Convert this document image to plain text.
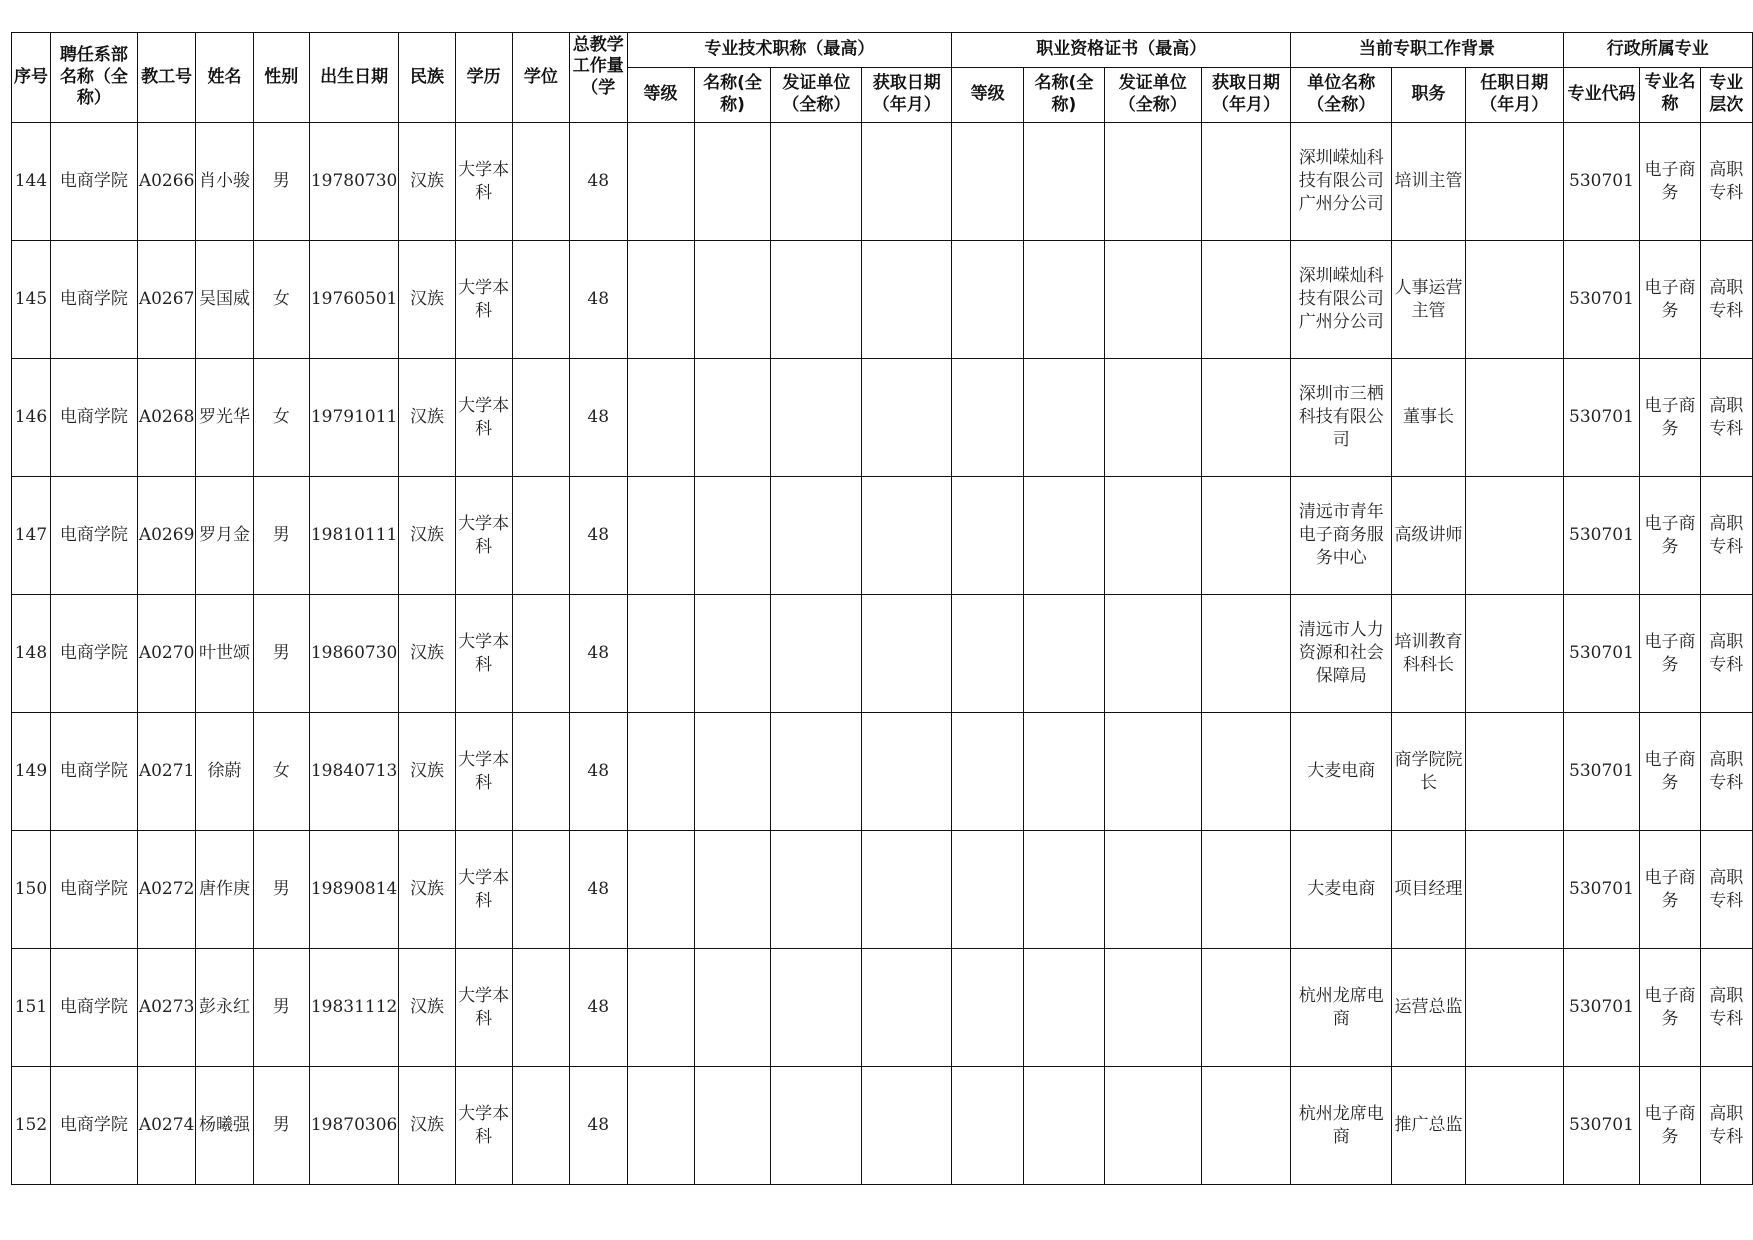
序号	聘任系部名称（全称）	教工号	姓名	性别	出生日期	民族	学历	学位	总教学工作量（学	专业技术职称（最高）				职业资格证书（最高）				当前专职工作背景			行政所属专业		
										等级	名称(全称)	发证单位（全称）	获取日期（年月）	等级	名称(全称)	发证单位（全称）	获取日期（年月）	单位名称（全称）	职务	任职日期（年月）	专业代码	专业名称	专业层次
144	电商学院	A0266	肖小骏	男	19780730	汉族	大学本科		48									深圳嵘灿科技有限公司广州分公司	培训主管		530701	电子商务	高职专科
145	电商学院	A0267	吴国威	女	19760501	汉族	大学本科		48									深圳嵘灿科技有限公司广州分公司	人事运营主管		530701	电子商务	高职专科
146	电商学院	A0268	罗光华	女	19791011	汉族	大学本科		48									深圳市三栖科技有限公司	董事长		530701	电子商务	高职专科
147	电商学院	A0269	罗月金	男	19810111	汉族	大学本科		48									清远市青年电子商务服务中心	高级讲师		530701	电子商务	高职专科
148	电商学院	A0270	叶世颂	男	19860730	汉族	大学本科		48									清远市人力资源和社会保障局	培训教育科科长		530701	电子商务	高职专科
149	电商学院	A0271	徐蔚	女	19840713	汉族	大学本科		48									大麦电商	商学院院长		530701	电子商务	高职专科
150	电商学院	A0272	唐作庚	男	19890814	汉族	大学本科		48									大麦电商	项目经理		530701	电子商务	高职专科
151	电商学院	A0273	彭永红	男	19831112	汉族	大学本科		48									杭州龙席电商	运营总监		530701	电子商务	高职专科
152	电商学院	A0274	杨曦强	男	19870306	汉族	大学本科		48									杭州龙席电商	推广总监		530701	电子商务	高职专科
